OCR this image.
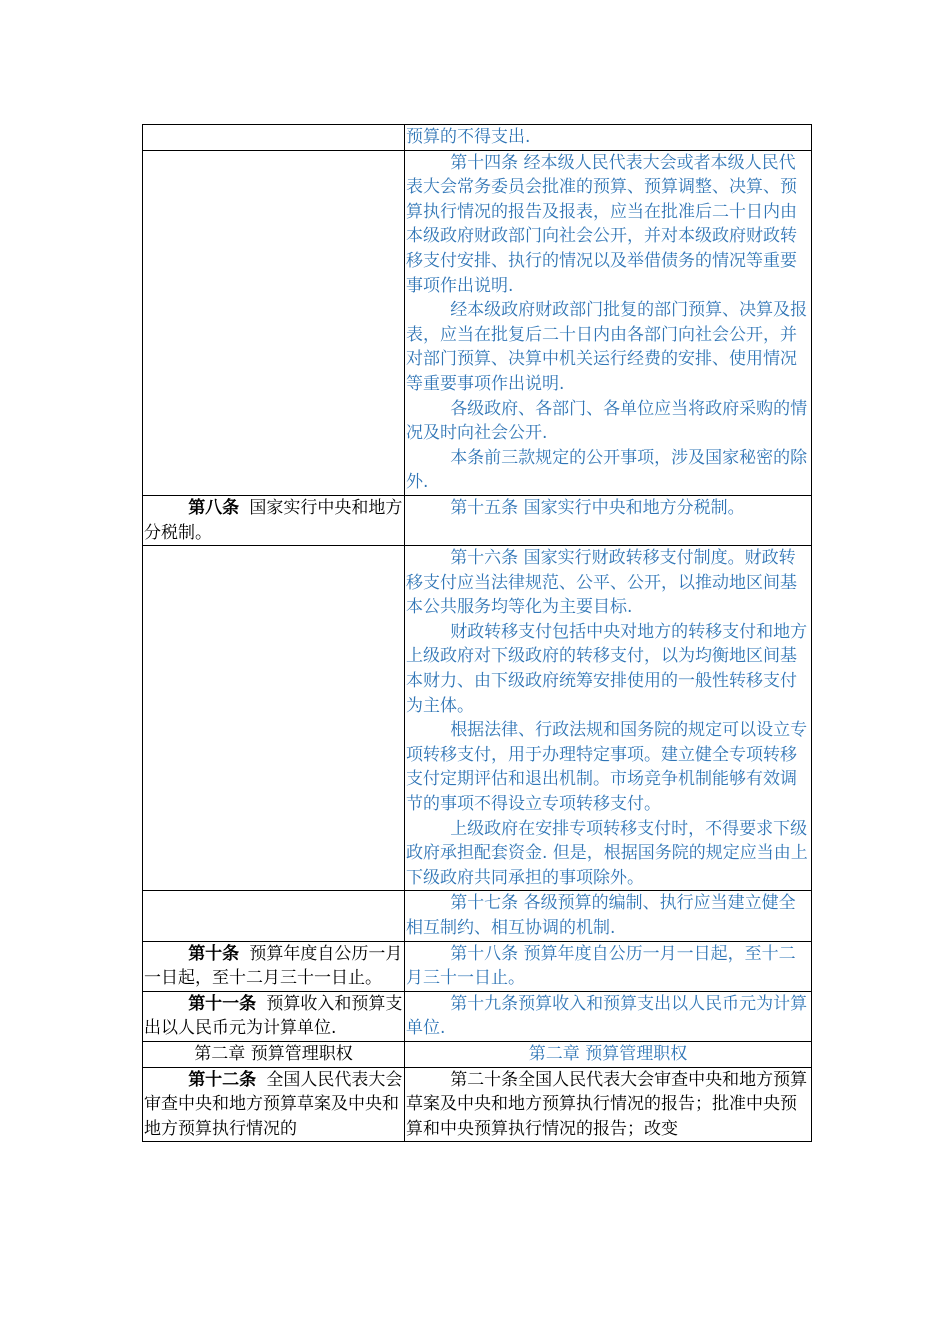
	预算的不得支出.

	第十四条 经本级人民代表大会或者本级人民代表大会常务委员会批准的预算、预算调整、决算、预算执行情况的报告及报表，应当在批准后二十日内由本级政府财政部门向社会公开，并对本级政府财政转移支付安排、执行的情况以及举借债务的情况等重要事项作出说明.

经本级政府财政部门批复的部门预算、决算及报表，应当在批复后二十日内由各部门向社会公开，并对部门预算、决算中机关运行经费的安排、使用情况等重要事项作出说明.

各级政府、各部门、各单位应当将政府采购的情况及时向社会公开.

本条前三款规定的公开事项，涉及国家秘密的除外.

第八条 国家实行中央和地方分税制。	第十五条 国家实行中央和地方分税制。

	第十六条 国家实行财政转移支付制度。财政转移支付应当法律规范、公平、公开，以推动地区间基本公共服务均等化为主要目标.

财政转移支付包括中央对地方的转移支付和地方上级政府对下级政府的转移支付，以为均衡地区间基本财力、由下级政府统筹安排使用的一般性转移支付为主体。

根据法律、行政法规和国务院的规定可以设立专项转移支付，用于办理特定事项。建立健全专项转移支付定期评估和退出机制。市场竞争机制能够有效调节的事项不得设立专项转移支付。

上级政府在安排专项转移支付时，不得要求下级政府承担配套资金. 但是，根据国务院的规定应当由上下级政府共同承担的事项除外。

	第十七条 各级预算的编制、执行应当建立健全相互制约、相互协调的机制.

第十条 预算年度自公历一月一日起，至十二月三十一日止。	第十八条 预算年度自公历一月一日起，至十二月三十一日止。

第十一条 预算收入和预算支出以人民币元为计算单位.	第十九条预算收入和预算支出以人民币元为计算单位.

第二章 预算管理职权	第二章 预算管理职权

第十二条 全国人民代表大会审查中央和地方预算草案及中央和地方预算执行情况的	第二十条全国人民代表大会审查中央和地方预算草案及中央和地方预算执行情况的报告；批准中央预算和中央预算执行情况的报告；改变
